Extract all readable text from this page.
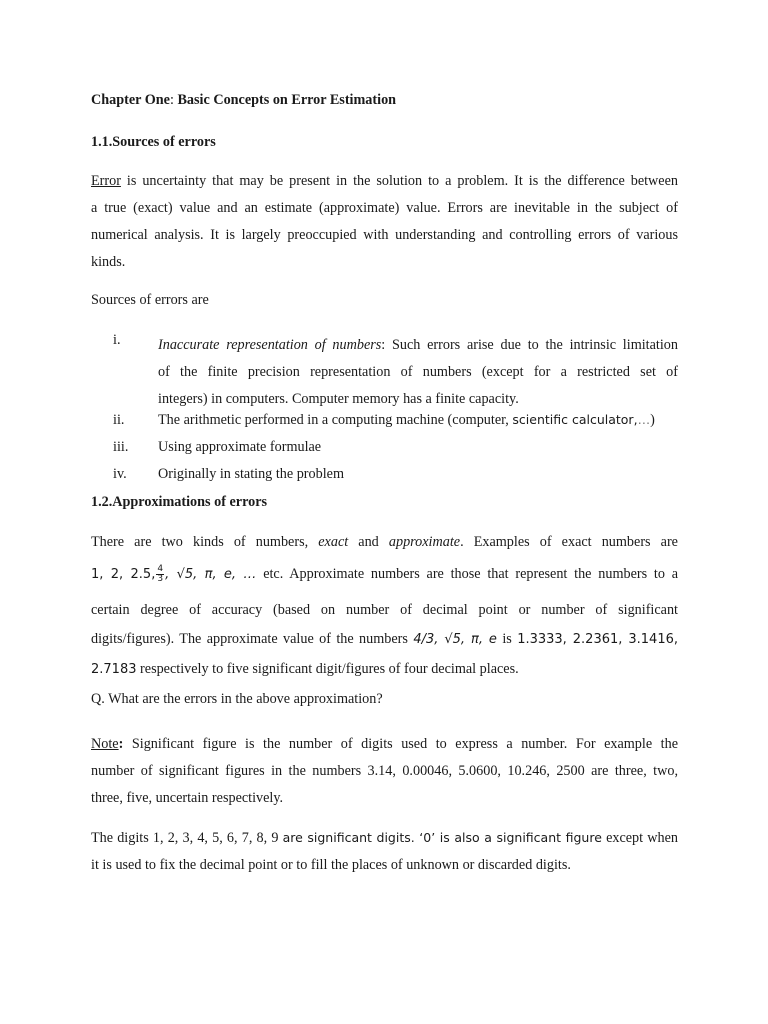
Chapter One: Basic Concepts on Error Estimation
1.1.Sources of errors
Error is uncertainty that may be present in the solution to a problem. It is the difference between
a true (exact) value and an estimate (approximate) value. Errors are inevitable in the subject of
numerical analysis. It is largely preoccupied with understanding and controlling errors of various
kinds.
Sources of errors are
i.	Inaccurate representation of numbers: Such errors arise due to the intrinsic limitation
of the finite precision representation of numbers (except for a restricted set of
integers) in computers. Computer memory has a finite capacity.
ii. The arithmetic performed in a computing machine (computer, scientific calculator,…)
iii. Using approximate formulae
iv. Originally in stating the problem
1.2.Approximations of errors
There are two kinds of numbers, exact and approximate. Examples of exact numbers are
1, 2, 2.5, $\frac{4}{3}$ , √5, π, e, … etc. Approximate numbers are those that represent the numbers to a
certain degree of accuracy (based on number of decimal point or number of significant
digits/figures). The approximate value of the numbers 4/3, √5, π, e is 1.3333, 2.2361, 3.1416,
2.7183 respectively to five significant digit/figures of four decimal places.
Q. What are the errors in the above approximation?
Note: Significant figure is the number of digits used to express a number. For example the
number of significant figures in the numbers 3.14, 0.00046, 5.0600, 10.246, 2500 are three, two,
three, five, uncertain respectively.
The digits 1, 2, 3, 4, 5, 6, 7, 8, 9 are significant digits. ‘0’ is also a significant figure except when
it is used to fix the decimal point or to fill the places of unknown or discarded digits.
